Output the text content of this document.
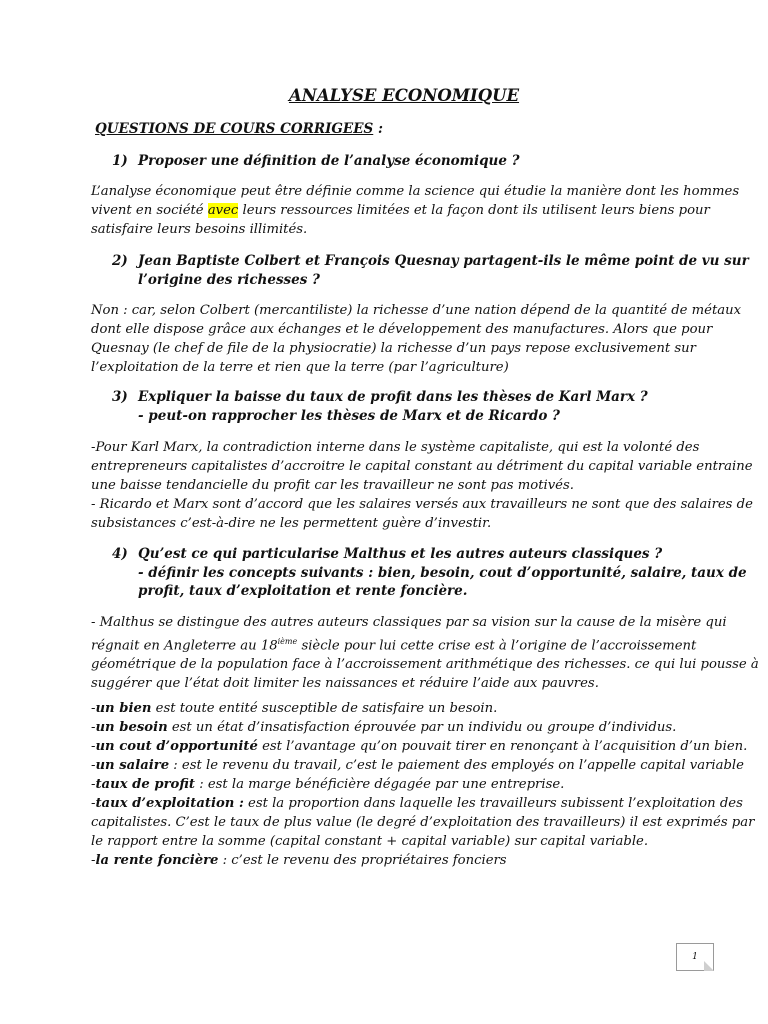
ANALYSE ECONOMIQUE
QUESTIONS DE COURS CORRIGEES :
1) Proposer une définition de l’analyse économique ?
L’analyse économique peut être définie comme la science qui étudie la manière dont les hommes
vivent en société avec leurs ressources limitées et la façon dont ils utilisent leurs biens pour
satisfaire leurs besoins illimités.
2) Jean Baptiste Colbert et François Quesnay partagent-ils le même point de vu sur
l’origine des richesses ?
Non : car, selon Colbert (mercantiliste) la richesse d’une nation dépend de la quantité de métaux
dont elle dispose grâce aux échanges et le développement des manufactures. Alors que pour
Quesnay (le chef de file de la physiocratie) la richesse d’un pays repose exclusivement sur
l’exploitation de la terre et rien que la terre (par l’agriculture)
3) Expliquer la baisse du taux de profit dans les thèses de Karl Marx ?
- peut-on rapprocher les thèses de Marx et de Ricardo ?
-Pour Karl Marx, la contradiction interne dans le système capitaliste, qui est la volonté des
entrepreneurs capitalistes d’accroitre le capital constant au détriment du capital variable entraine
une baisse tendancielle du profit car les travailleur ne sont pas motivés.
- Ricardo et Marx sont d’accord que les salaires versés aux travailleurs ne sont que des salaires de
subsistances c’est-à-dire ne les permettent guère d’investir.
4) Qu’est ce qui particularise Malthus et les autres auteurs classiques ?
- définir les concepts suivants : bien, besoin, cout d’opportunité, salaire, taux de
profit, taux d’exploitation et rente foncière.
- Malthus se distingue des autres auteurs classiques par sa vision sur la cause de la misère qui
régnait en Angleterre au 18ième siècle pour lui cette crise est à l’origine de l’accroissement
géométrique de la population face à l’accroissement arithmétique des richesses. ce qui lui pousse à
suggérer que l’état doit limiter les naissances et réduire l’aide aux pauvres.
-un bien est toute entité susceptible de satisfaire un besoin.
-un besoin est un état d’insatisfaction éprouvée par un individu ou groupe d’individus.
-un cout d’opportunité est l’avantage qu’on pouvait tirer en renonçant à l’acquisition d’un bien.
-un salaire : est le revenu du travail, c’est le paiement des employés on l’appelle capital variable
-taux de profit : est la marge bénéficière dégagée par une entreprise.
-taux d’exploitation : est la proportion dans laquelle les travailleurs subissent l’exploitation des
capitalistes. C’est le taux de plus value (le degré d’exploitation des travailleurs) il est exprimés par
le rapport entre la somme (capital constant + capital variable) sur capital variable.
-la rente foncière : c’est le revenu des propriétaires fonciers
1
